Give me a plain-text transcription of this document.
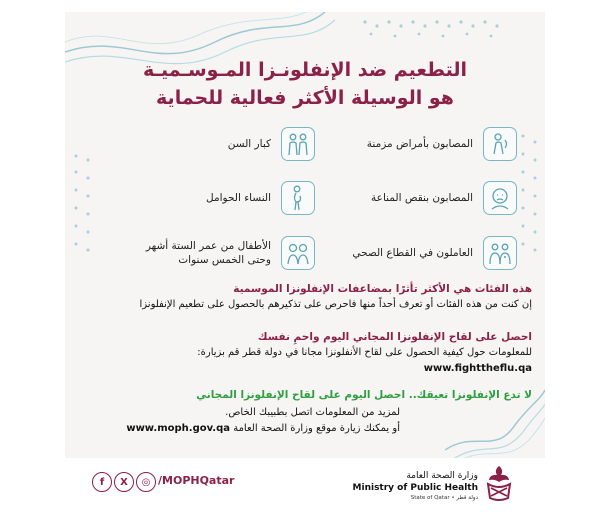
التطعيم ضد الإنفلونـزا المـوسـميـة
هو الوسيلة الأكثر فعالية للحماية
المصابون بأمراض مزمنة
كبار السن
المصابون بنقص المناعة
النساء الحوامل
العاملون في القطاع الصحي
الأطفال من عمر الستة أشهر
وحتى الخمس سنوات
هذه الفئات هي الأكثر تأثرًا بمضاعفات الإنفلونزا الموسمية
إن كنت من هذه الفئات أو تعرف أحداً منها فاحرص على تذكيرهم بالحصول على تطعيم الإنفلونزا
احصل على لقاح الإنفلونزا المجاني اليوم واحمِ نفسك
للمعلومات حول كيفية الحصول على لقاح الأنفلونزا مجانا في دولة قطر قم بزيارة:
www.fighttheflu.qa
لا تدع الإنفلونزا تعيقك.. احصل اليوم على لقاح الإنفلونزا المجاني
لمزيد من المعلومات اتصل بطبيبك الخاص.
أو يمكنك زيارة موقع وزارة الصحة العامة www.moph.gov.qa
f	X	◎ /MOPHQatar	وزارة الصحة العامة
Ministry of Public Health
State of Qatar • دولة قطر
